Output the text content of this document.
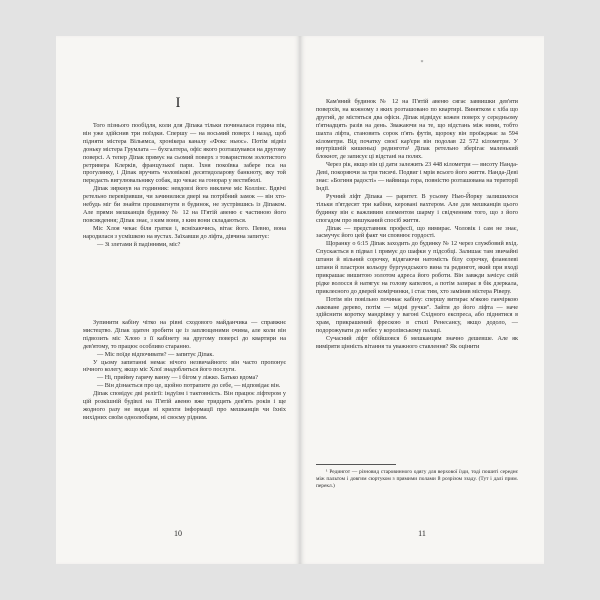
I

Того пізнього пообідля, коли для Діпака тільки починалася година пік, він уже здійснив три поїздки. Спершу — на восьмий поверх і назад, щоб підняти містера Вільямса, хронікера каналу «Фокс ньюс». Потім відвіз доньку містера Грумлата — бухгалтера, офіс якого розташувався на другому поверсі. А тепер Діпак прямує на сьомий поверх з товариством золотистого ретривера Клерків, французької пари. Їхня покоївка забере пса на прогулянку, і Діпак вручить чоловікові десятидоларову банкноту, яку той передасть вигулювальнику собак, що чекає на гонорар у вестибюлі.

Діпак зиркнув на годинник: невдовзі його викличе міс Коллінс. Вдвічі ретельно перевіривши, чи зачинилися двері на потрібний замок — він хто-небудь міг би знайти прошмигнути в будинок, не зустрівшись із Діпаком. Але прями мешканців будинку № 12 на П'ятій авеню є частиною його повсякдення; Діпак знає, з ким вони, з ким вони складаються.

Міс Хлоя чекає біля гратки і, всміхаючись, вітає його. Певно, вона народилася з усмішкою на вустах. Заїхавши до ліфта, дівчина запитує:

— Зі злетами й падіннями, міс?

Зупинити кабіну чітко на рівні сходового майданчика — справжнє мистецтво. Діпак здатен зробити це із заплющеними очима, але коли він підвозить міс Хлою з її кабінету на другому поверсі до квартири на дев'ятому, то працює особливо старанно.

— Міс поїде відпочивати? — запитує Діпак.

У цьому запитанні немає нічого незвичайного: він часто пропонує нічного колегу, якщо міс Хлої знадобляться його послуги.

— Ні, прийму гарячу ванну — і бігом у ліжко. Батько вдома?

— Він дізнається про це, щойно потрапите до себе, — відповідає він.

Діпак сповідує дві релігії: індуїзм і тактовність. Він працює ліфтером у цій розкішній будівлі на П'ятій авеню вже тридцять дев'ять років і ще жодного разу не видав ні крихти інформації про мешканців чи їхніх вихідних своїм однолюбцям, ні своєму рідним.

10
*

Кам'яний будинок № 12 на П'ятій авеню сягає заввишки дев'яти поверхів, на кожному з яких розташовано по квартирі. Винятком є хіба що другий, де містяться два офіси. Діпак відвідує кожен поверх у середньому п'ятнадцять разів на день. Зважаючи на те, що відстань між ними, тобто шахта ліфта, становить сорок п'ять футів, щороку він проїжджає за 594 кілометри. Від початку своєї кар'єри він подолав 22 572 кілометри. У внутрішній кишеньці редингота¹ Діпак ретельно зберігає маленький блокнот, де записує ці відстані на полях.

Через рік, якщо він ці дати залежить 23 448 кілометри — висоту Нанда-Деві, покоряючи за три тисячі. Подвиг і мрія всього його життя. Нанда-Деві знає: «Богиня радості» — найвища гора, повністю розташована на території Індії.

Ручний ліфт Діпака — раритет. В усьому Нью-Йорку залишилося тільки п'ятдесят три кабіни, керовані вахтером. Але для мешканців цього будинку він є важливим елементом шарму і свідченням того, що з його спогадом про вишуканий спосіб життя.

Діпак — представник професії, що вимирає. Чоловік і сам не знає, засмучує його цей факт чи сповнює гордості.

Щоранку о 6:15 Діпак заходить до будинку № 12 через службовий вхід. Спускається в підвал і прямує до шафки у підсобці. Залишає там звичайні штани й вільний сорочку, відягаючи натомість білу сорочку, фланелеві штани й пластрон кольору бургундського вина та редингот, який при вході прикрашає вишитою золотом адреса його роботи. Він завжди зачісує свій рідке волосся й натягує на голову капелюх, а потім зазирає в бік дзеркала, приклеєного до дверей комірчинки, і стає тим, хто замінив містера Ріверу.

Потім він повільно починає кабіну: спершу витирає м'якою ганчіркою лаковане дерево, потім — мідні ручки". Зайти до його ліфта — наче здійснити коротку мандрівку у вагоні Східного експреса, або піднятися в храм, прикрашений фрескою в стилі Ренесансу, якщо додоло, — подорожувати до небес у королівському палаці.

Сучасний ліфт обійшовся б мешканцям значно дешевше. Але як виміряти цінність вітання та уважного ставлення? Як оцінити

¹ Редингот — різновид старовинного одягу для верхової їзди, тоді пошиті середнє між пальтом і довгим сюртуком з прямими полами й розрізом ззаду. (Тут і далі прим. перекл.)

11
